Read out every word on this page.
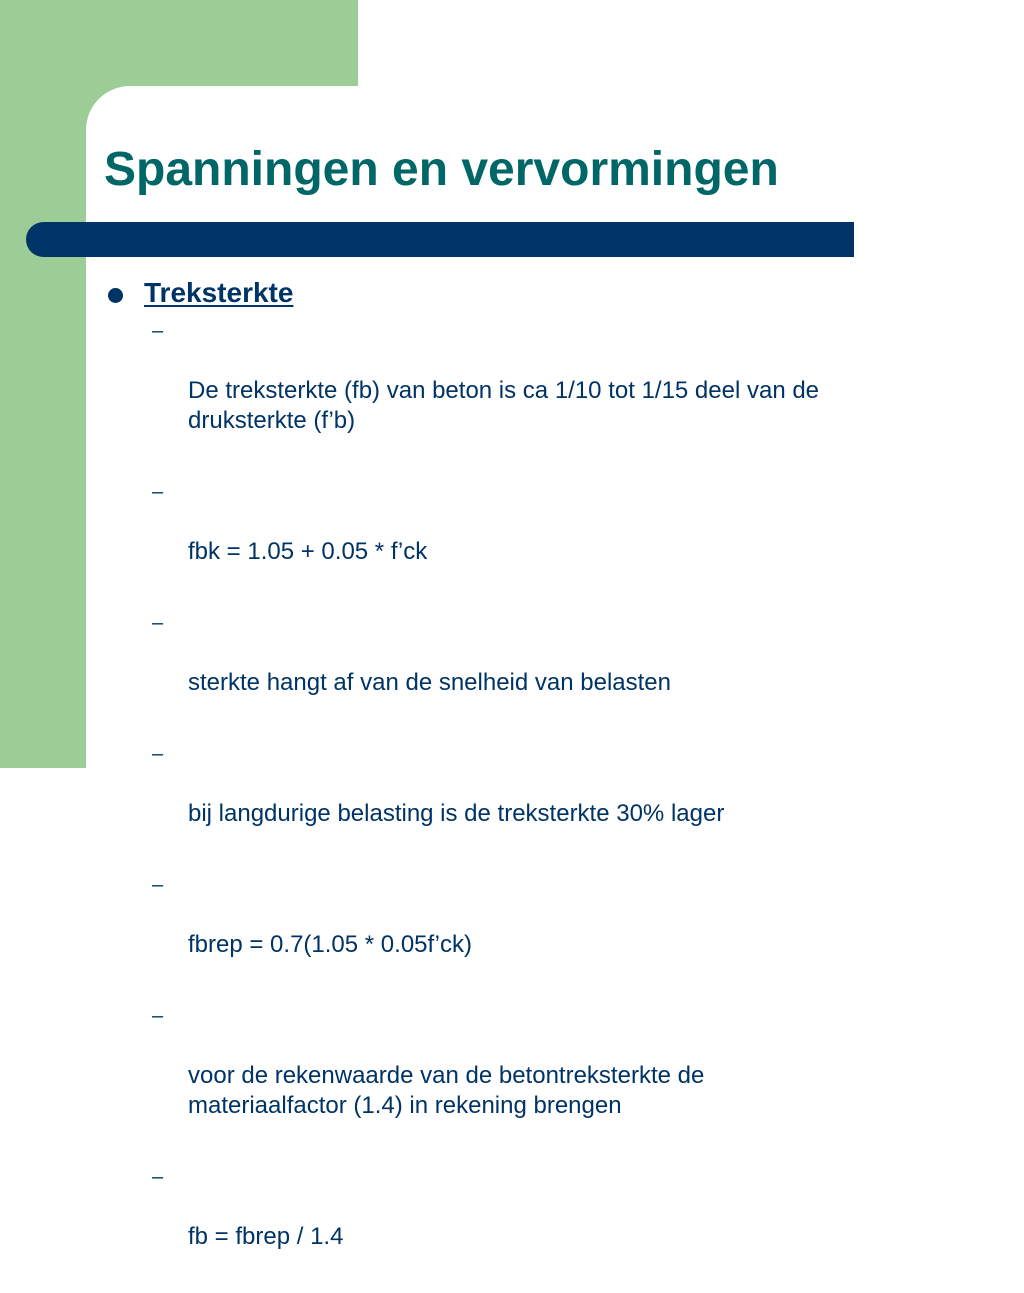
Spanningen en vervormingen
Treksterkte

–

De treksterkte (fb) van beton is ca 1/10 tot 1/15 deel van de
druksterkte (f’b)

–

fbk = 1.05 + 0.05 * f’ck

–

sterkte hangt af van de snelheid van belasten

–

bij langdurige belasting is de treksterkte 30% lager

–

fbrep = 0.7(1.05 * 0.05f’ck)

–

voor de rekenwaarde van de betontreksterkte de
materiaalfactor (1.4) in rekening brengen

–

fb = fbrep / 1.4
